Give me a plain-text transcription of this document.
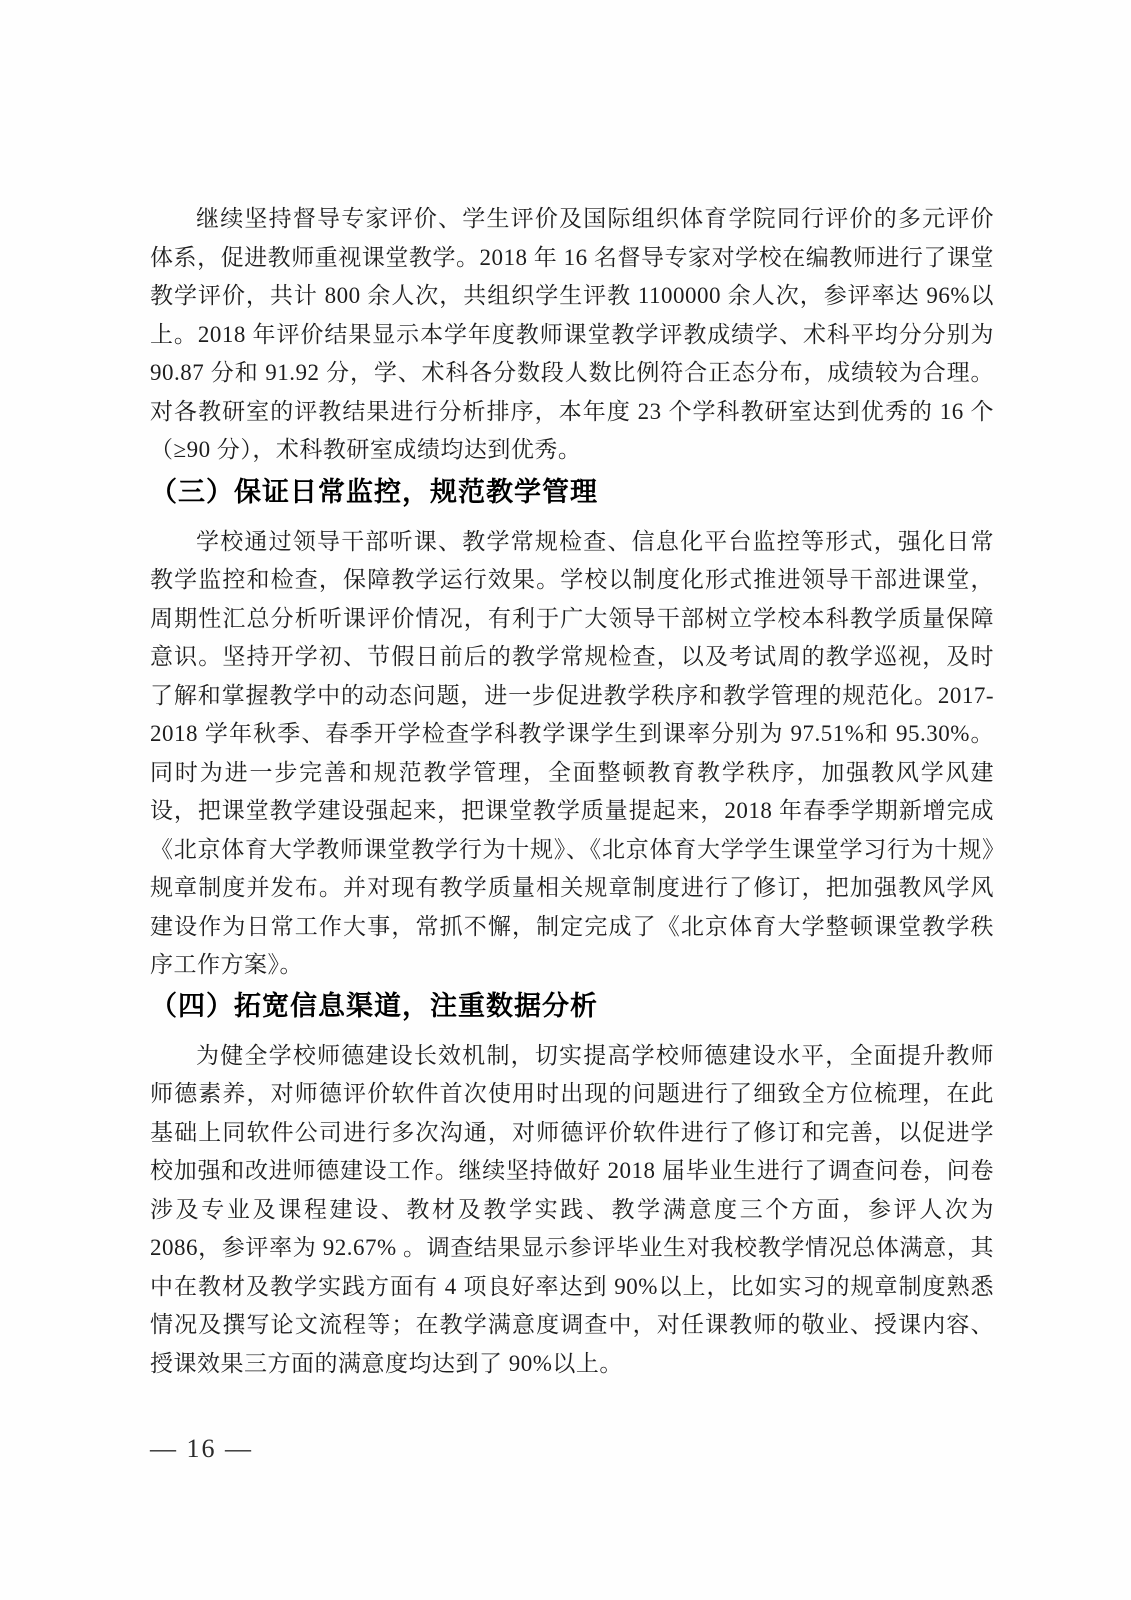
继续坚持督导专家评价、学生评价及国际组织体育学院同行评价的多元评价体系，促进教师重视课堂教学。2018 年 16 名督导专家对学校在编教师进行了课堂教学评价，共计 800 余人次，共组织学生评教 1100000 余人次，参评率达 96%以上。2018 年评价结果显示本学年度教师课堂教学评教成绩学、术科平均分分别为 90.87 分和 91.92 分，学、术科各分数段人数比例符合正态分布，成绩较为合理。对各教研室的评教结果进行分析排序，本年度 23 个学科教研室达到优秀的 16 个（≥90 分），术科教研室成绩均达到优秀。

（三）保证日常监控，规范教学管理

学校通过领导干部听课、教学常规检查、信息化平台监控等形式，强化日常教学监控和检查，保障教学运行效果。学校以制度化形式推进领导干部进课堂，周期性汇总分析听课评价情况，有利于广大领导干部树立学校本科教学质量保障意识。坚持开学初、节假日前后的教学常规检查，以及考试周的教学巡视，及时了解和掌握教学中的动态问题，进一步促进教学秩序和教学管理的规范化。2017-2018 学年秋季、春季开学检查学科教学课学生到课率分别为 97.51%和 95.30%。同时为进一步完善和规范教学管理，全面整顿教育教学秩序，加强教风学风建设，把课堂教学建设强起来，把课堂教学质量提起来，2018 年春季学期新增完成《北京体育大学教师课堂教学行为十规》、《北京体育大学学生课堂学习行为十规》规章制度并发布。并对现有教学质量相关规章制度进行了修订，把加强教风学风建设作为日常工作大事，常抓不懈，制定完成了《北京体育大学整顿课堂教学秩序工作方案》。

（四）拓宽信息渠道，注重数据分析

为健全学校师德建设长效机制，切实提高学校师德建设水平，全面提升教师师德素养，对师德评价软件首次使用时出现的问题进行了细致全方位梳理，在此基础上同软件公司进行多次沟通，对师德评价软件进行了修订和完善，以促进学校加强和改进师德建设工作。继续坚持做好 2018 届毕业生进行了调查问卷，问卷涉及专业及课程建设、教材及教学实践、教学满意度三个方面，参评人次为 2086，参评率为 92.67% 。调查结果显示参评毕业生对我校教学情况总体满意，其中在教材及教学实践方面有 4 项良好率达到 90%以上，比如实习的规章制度熟悉情况及撰写论文流程等；在教学满意度调查中，对任课教师的敬业、授课内容、授课效果三方面的满意度均达到了 90%以上。

— 16 —
